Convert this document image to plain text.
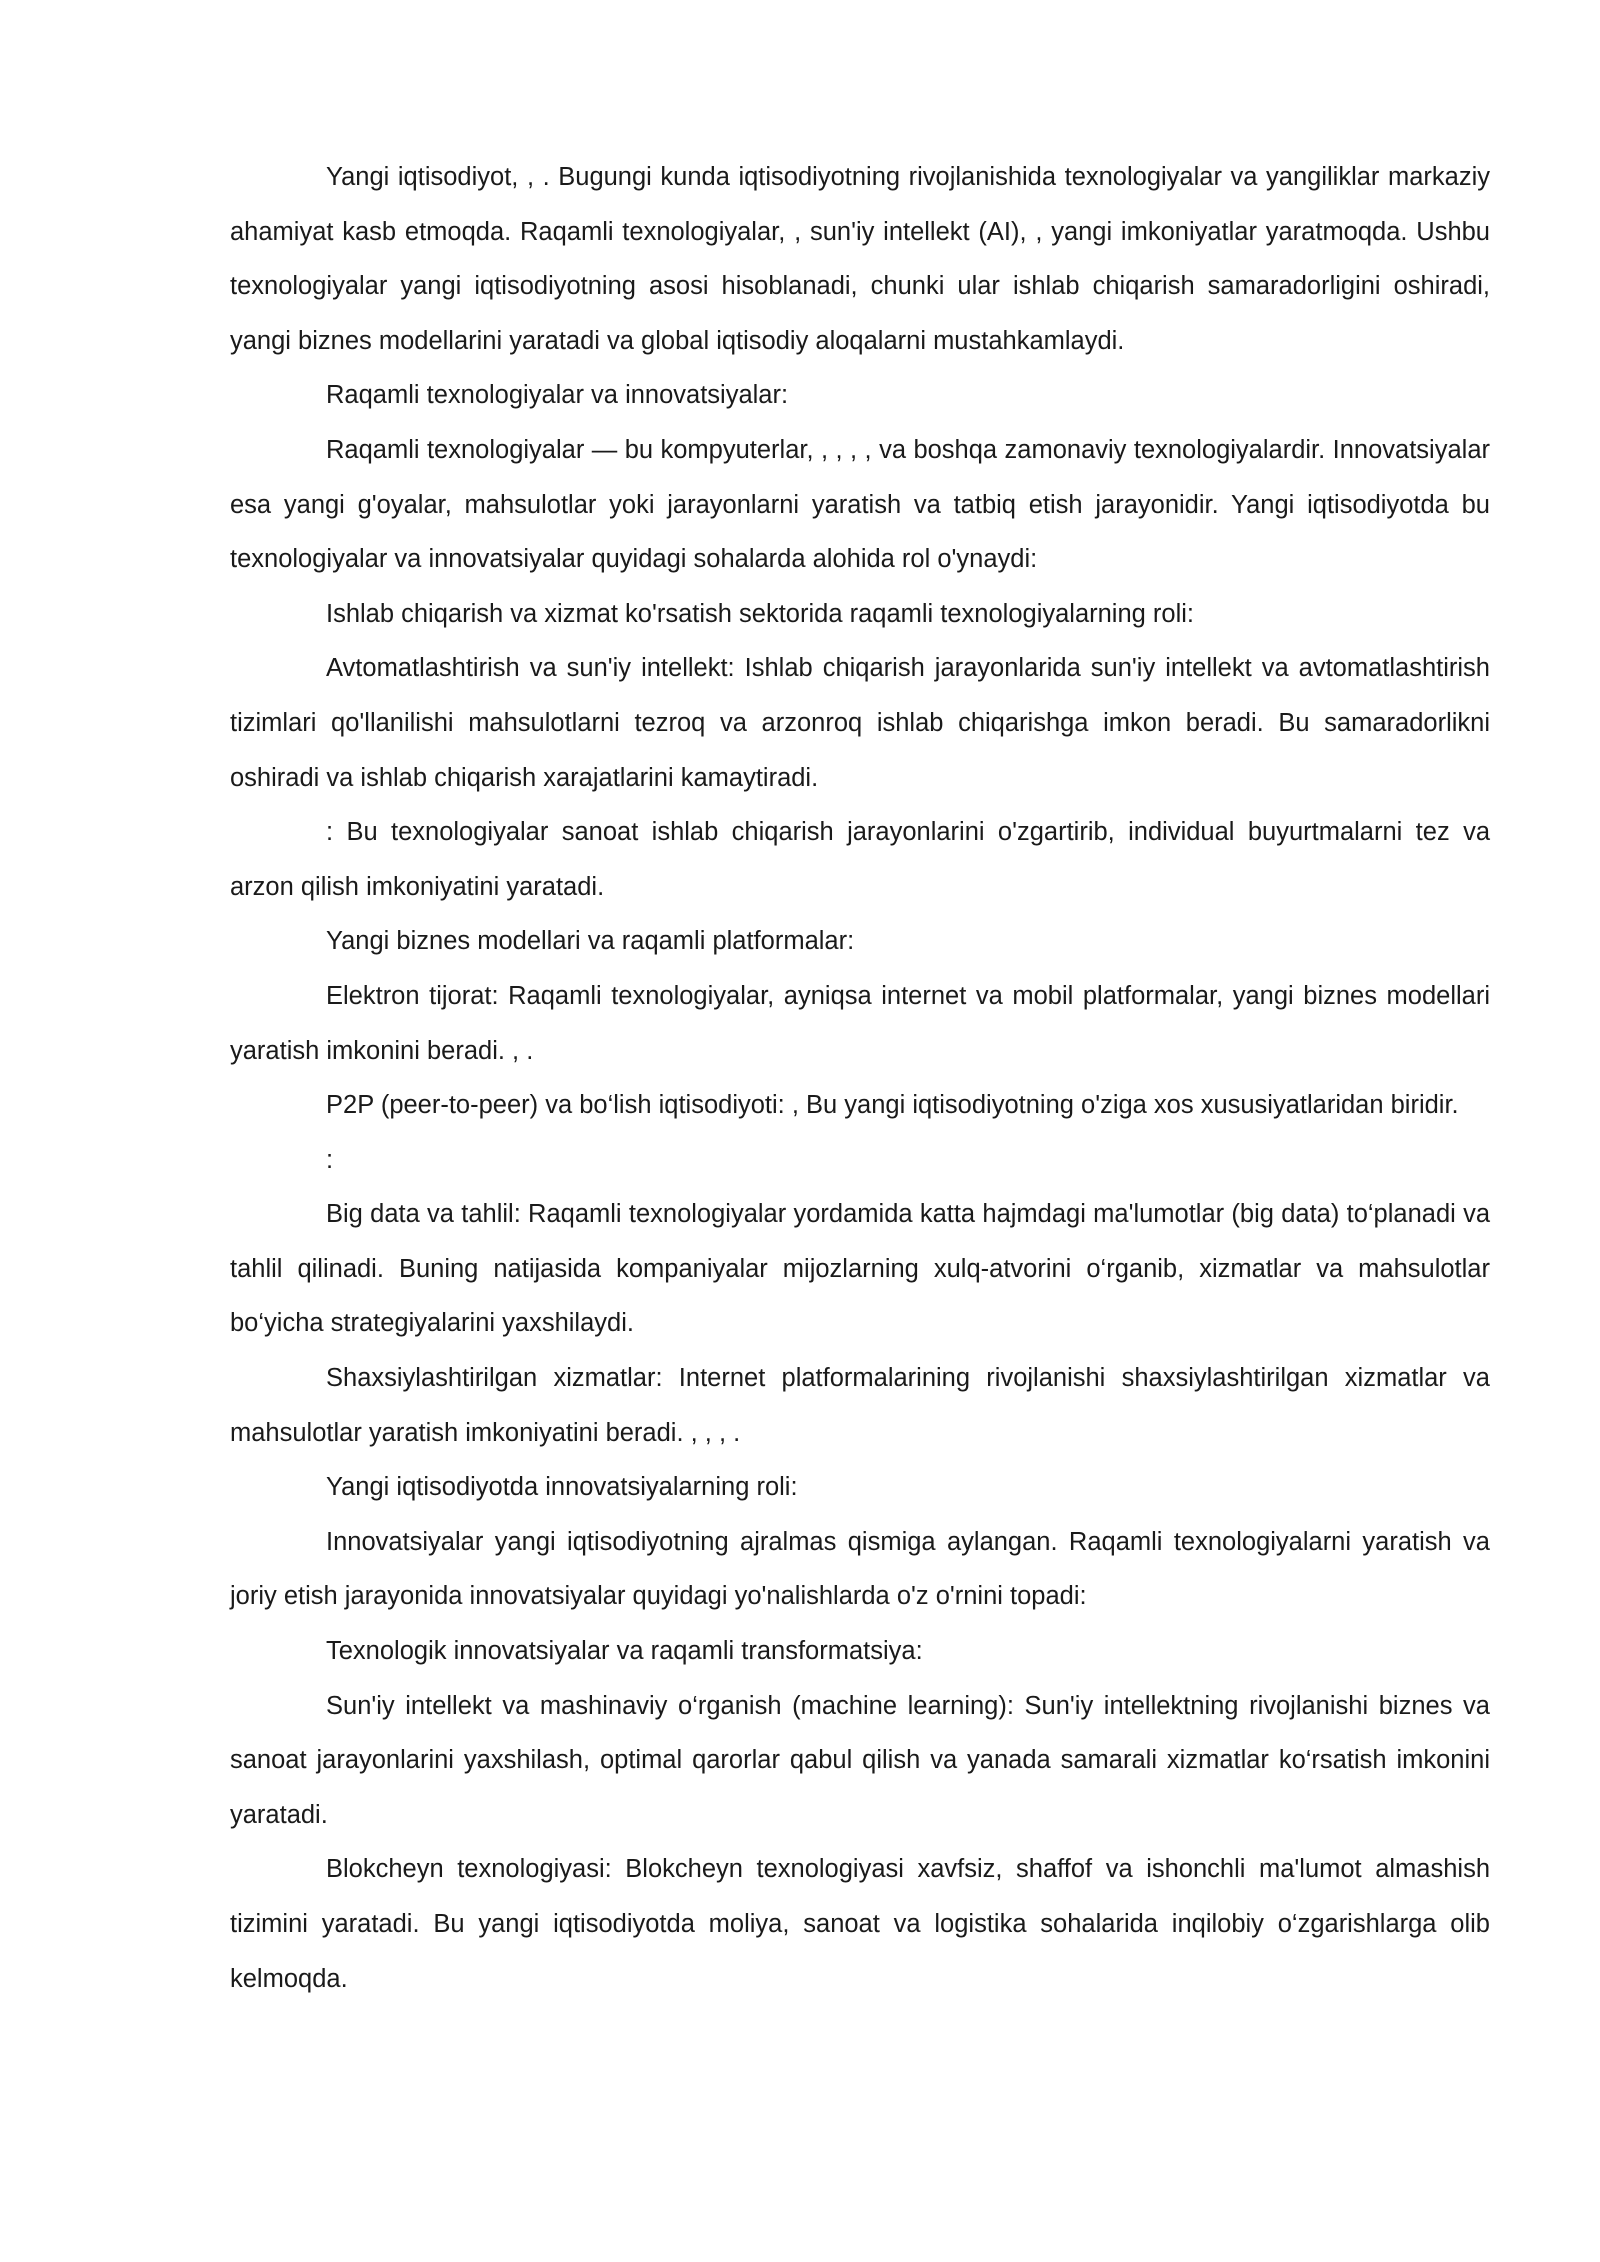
Yangi iqtisodiyot, , . Bugungi kunda iqtisodiyotning rivojlanishida texnologiyalar va yangiliklar markaziy ahamiyat kasb etmoqda. Raqamli texnologiyalar, , sun'iy intellekt (AI), , yangi imkoniyatlar yaratmoqda. Ushbu texnologiyalar yangi iqtisodiyotning asosi hisoblanadi, chunki ular ishlab chiqarish samaradorligini oshiradi, yangi biznes modellarini yaratadi va global iqtisodiy aloqalarni mustahkamlaydi.

Raqamli texnologiyalar va innovatsiyalar:

Raqamli texnologiyalar — bu kompyuterlar, , , , , va boshqa zamonaviy texnologiyalardir. Innovatsiyalar esa yangi g'oyalar, mahsulotlar yoki jarayonlarni yaratish va tatbiq etish jarayonidir. Yangi iqtisodiyotda bu texnologiyalar va innovatsiyalar quyidagi sohalarda alohida rol o'ynaydi:

Ishlab chiqarish va xizmat ko'rsatish sektorida raqamli texnologiyalarning roli:

Avtomatlashtirish va sun'iy intellekt: Ishlab chiqarish jarayonlarida sun'iy intellekt va avtomatlashtirish tizimlari qo'llanilishi mahsulotlarni tezroq va arzonroq ishlab chiqarishga imkon beradi. Bu samaradorlikni oshiradi va ishlab chiqarish xarajatlarini kamaytiradi.

: Bu texnologiyalar sanoat ishlab chiqarish jarayonlarini o'zgartirib, individual buyurtmalarni tez va arzon qilish imkoniyatini yaratadi.

Yangi biznes modellari va raqamli platformalar:

Elektron tijorat: Raqamli texnologiyalar, ayniqsa internet va mobil platformalar, yangi biznes modellari yaratish imkonini beradi. , .

P2P (peer-to-peer) va bo‘lish iqtisodiyoti: , Bu yangi iqtisodiyotning o'ziga xos xususiyatlaridan biridir.

:

Big data va tahlil: Raqamli texnologiyalar yordamida katta hajmdagi ma'lumotlar (big data) to‘planadi va tahlil qilinadi. Buning natijasida kompaniyalar mijozlarning xulq-atvorini o‘rganib, xizmatlar va mahsulotlar bo‘yicha strategiyalarini yaxshilaydi.

Shaxsiylashtirilgan xizmatlar: Internet platformalarining rivojlanishi shaxsiylashtirilgan xizmatlar va mahsulotlar yaratish imkoniyatini beradi. , , , .

Yangi iqtisodiyotda innovatsiyalarning roli:

Innovatsiyalar yangi iqtisodiyotning ajralmas qismiga aylangan. Raqamli texnologiyalarni yaratish va joriy etish jarayonida innovatsiyalar quyidagi yo'nalishlarda o'z o'rnini topadi:

Texnologik innovatsiyalar va raqamli transformatsiya:

Sun'iy intellekt va mashinaviy o‘rganish (machine learning): Sun'iy intellektning rivojlanishi biznes va sanoat jarayonlarini yaxshilash, optimal qarorlar qabul qilish va yanada samarali xizmatlar ko‘rsatish imkonini yaratadi.

Blokcheyn texnologiyasi: Blokcheyn texnologiyasi xavfsiz, shaffof va ishonchli ma'lumot almashish tizimini yaratadi. Bu yangi iqtisodiyotda moliya, sanoat va logistika sohalarida inqilobiy o‘zgarishlarga olib kelmoqda.
